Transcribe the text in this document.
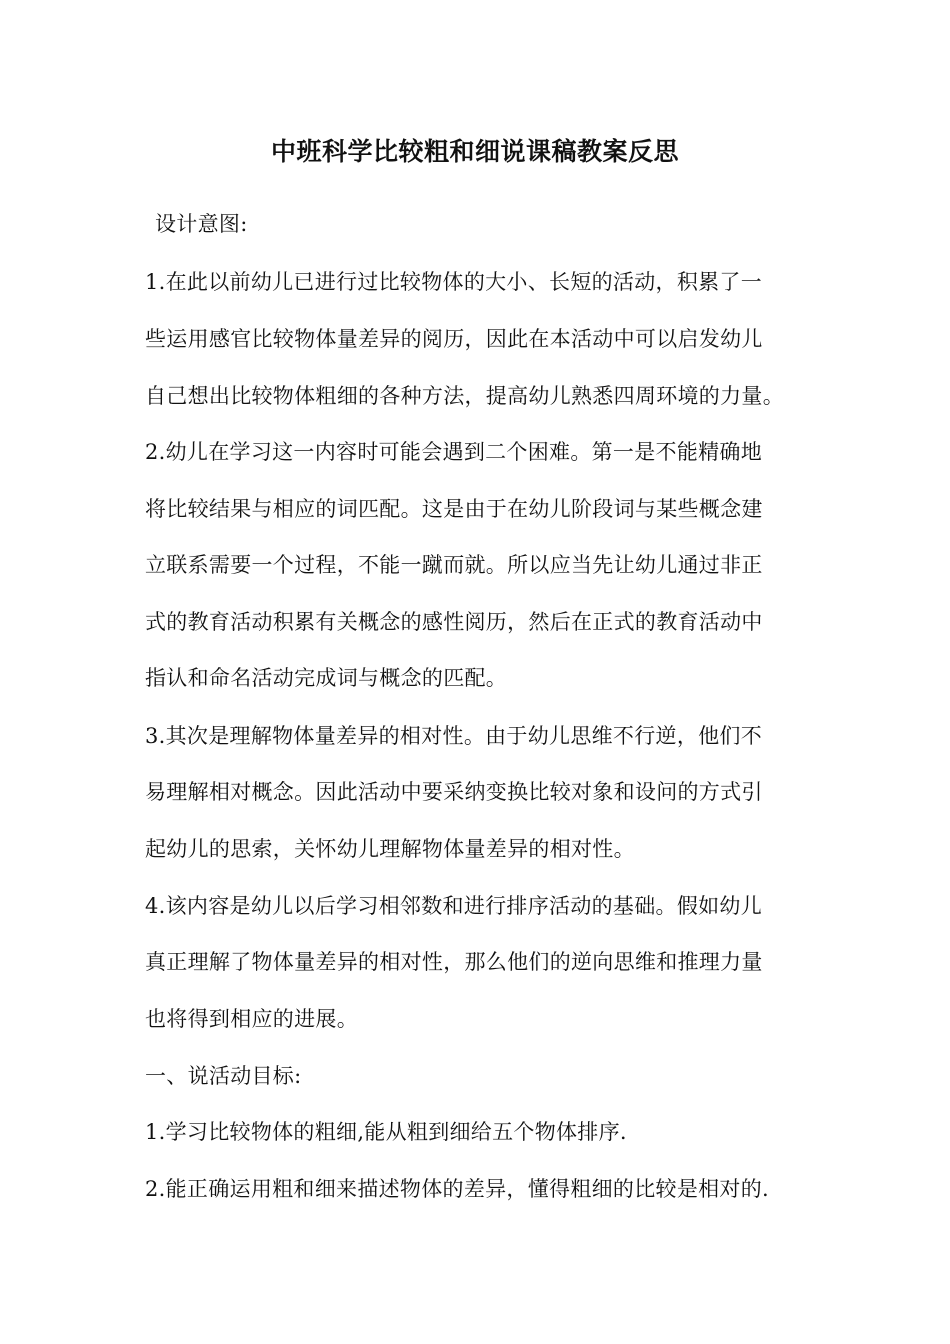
中班科学比较粗和细说课稿教案反思
设计意图:
1.在此以前幼儿已进行过比较物体的大小、长短的活动，积累了一
些运用感官比较物体量差异的阅历，因此在本活动中可以启发幼儿
自己想出比较物体粗细的各种方法，提高幼儿熟悉四周环境的力量。
2.幼儿在学习这一内容时可能会遇到二个困难。第一是不能精确地
将比较结果与相应的词匹配。这是由于在幼儿阶段词与某些概念建
立联系需要一个过程，不能一蹴而就。所以应当先让幼儿通过非正
式的教育活动积累有关概念的感性阅历，然后在正式的教育活动中
指认和命名活动完成词与概念的匹配。
3.其次是理解物体量差异的相对性。由于幼儿思维不行逆，他们不
易理解相对概念。因此活动中要采纳变换比较对象和设问的方式引
起幼儿的思索，关怀幼儿理解物体量差异的相对性。
4.该内容是幼儿以后学习相邻数和进行排序活动的基础。假如幼儿
真正理解了物体量差异的相对性，那么他们的逆向思维和推理力量
也将得到相应的进展。
一、说活动目标:
1.学习比较物体的粗细,能从粗到细给五个物体排序.
2.能正确运用粗和细来描述物体的差异，懂得粗细的比较是相对的.
